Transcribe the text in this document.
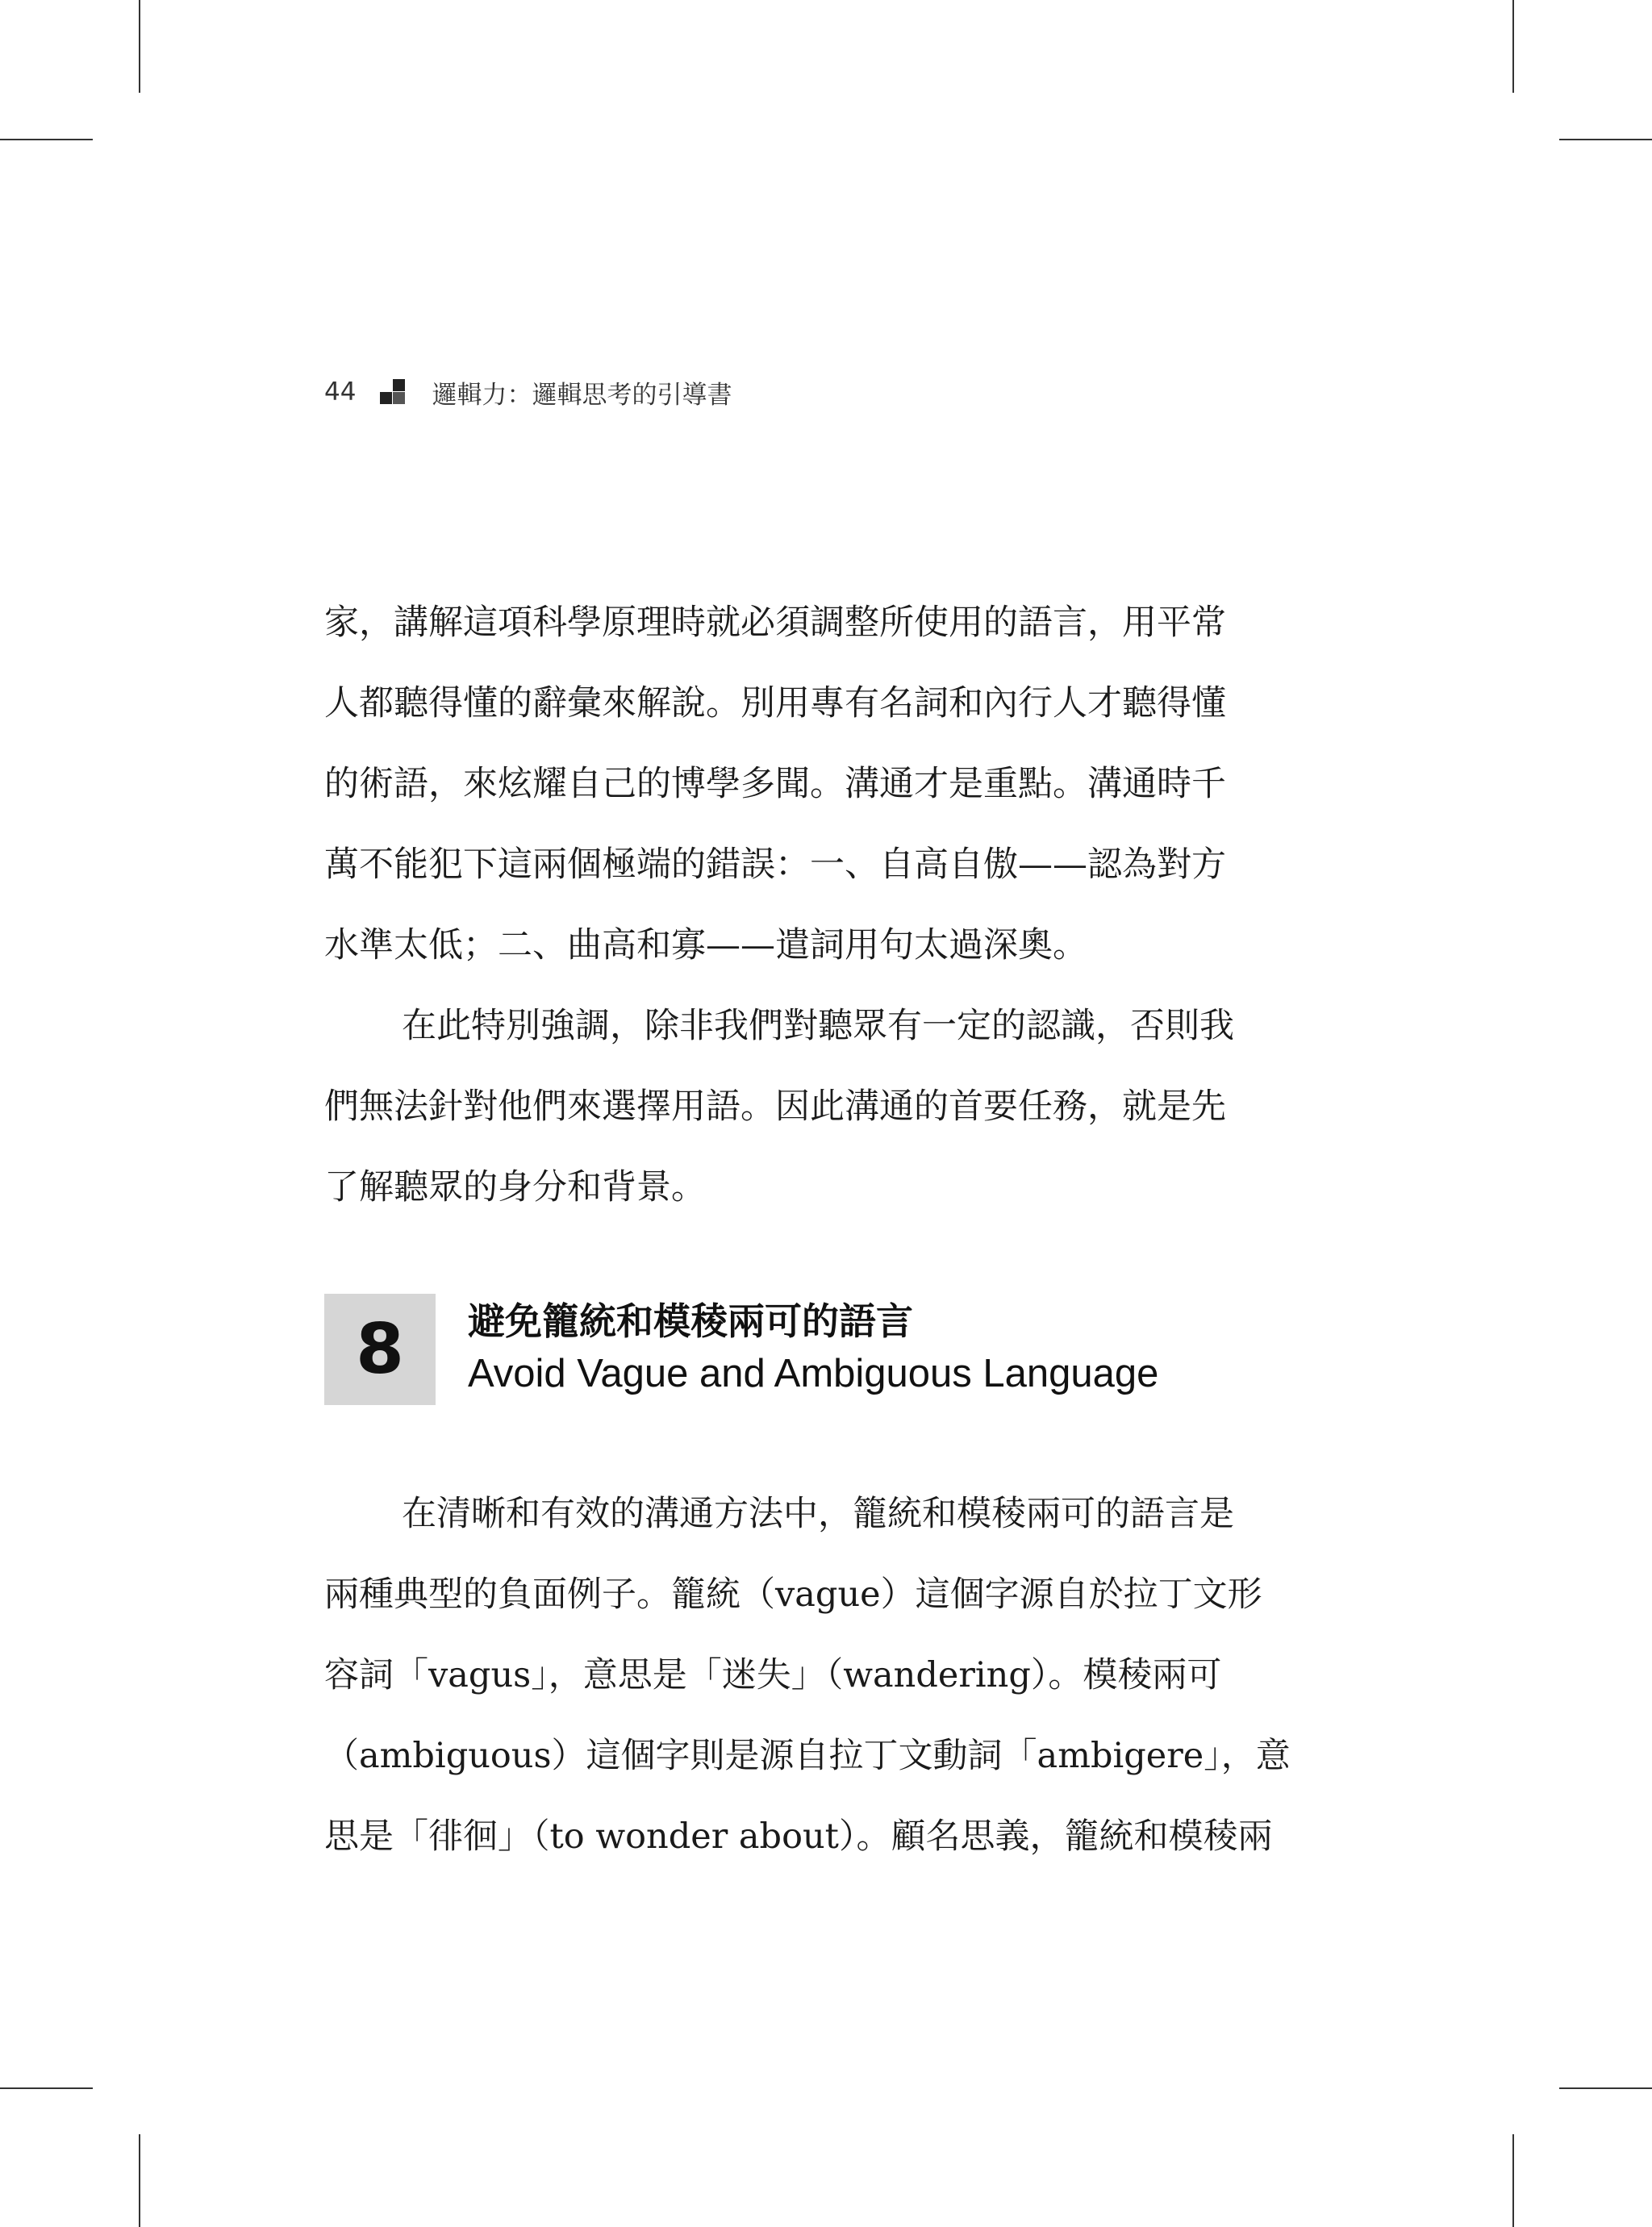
44	邏輯力：邏輯思考的引導書
家，講解這項科學原理時就必須調整所使用的語言，用平常
人都聽得懂的辭彙來解說。別用專有名詞和內行人才聽得懂
的術語，來炫耀自己的博學多聞。溝通才是重點。溝通時千
萬不能犯下這兩個極端的錯誤：一、自高自傲——認為對方
水準太低；二、曲高和寡——遣詞用句太過深奧。
在此特別強調，除非我們對聽眾有一定的認識，否則我
們無法針對他們來選擇用語。因此溝通的首要任務，就是先
了解聽眾的身分和背景。
8	避免籠統和模稜兩可的語言
Avoid Vague and Ambiguous Language
在清晰和有效的溝通方法中，籠統和模稜兩可的語言是
兩種典型的負面例子。籠統（vague）這個字源自於拉丁文形
容詞「vagus」，意思是「迷失」（wandering）。模稜兩可
（ambiguous）這個字則是源自拉丁文動詞「ambigere」，意
思是「徘徊」（to wonder about）。顧名思義，籠統和模稜兩
